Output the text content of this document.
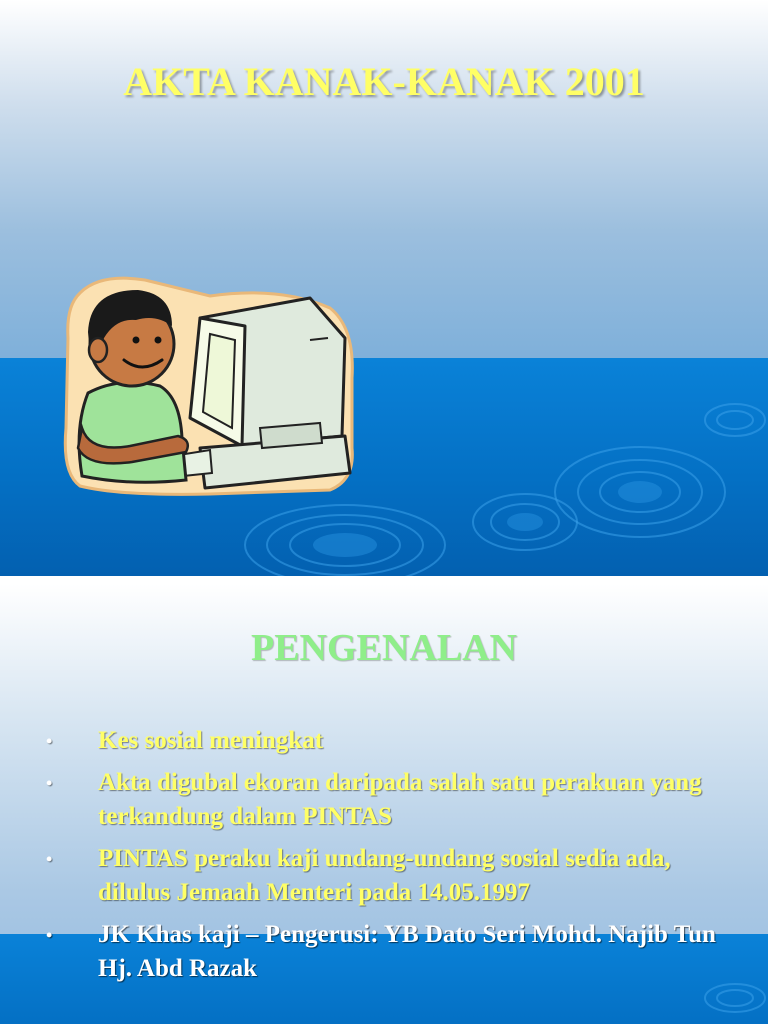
AKTA KANAK-KANAK 2001
PENGENALAN
• Kes sosial meningkat
• Akta digubal ekoran daripada salah satu perakuan yang terkandung dalam PINTAS
• PINTAS peraku kaji undang-undang sosial sedia ada, dilulus Jemaah Menteri pada 14.05.1997
• JK Khas kaji – Pengerusi: YB Dato Seri Mohd. Najib Tun Hj. Abd Razak
